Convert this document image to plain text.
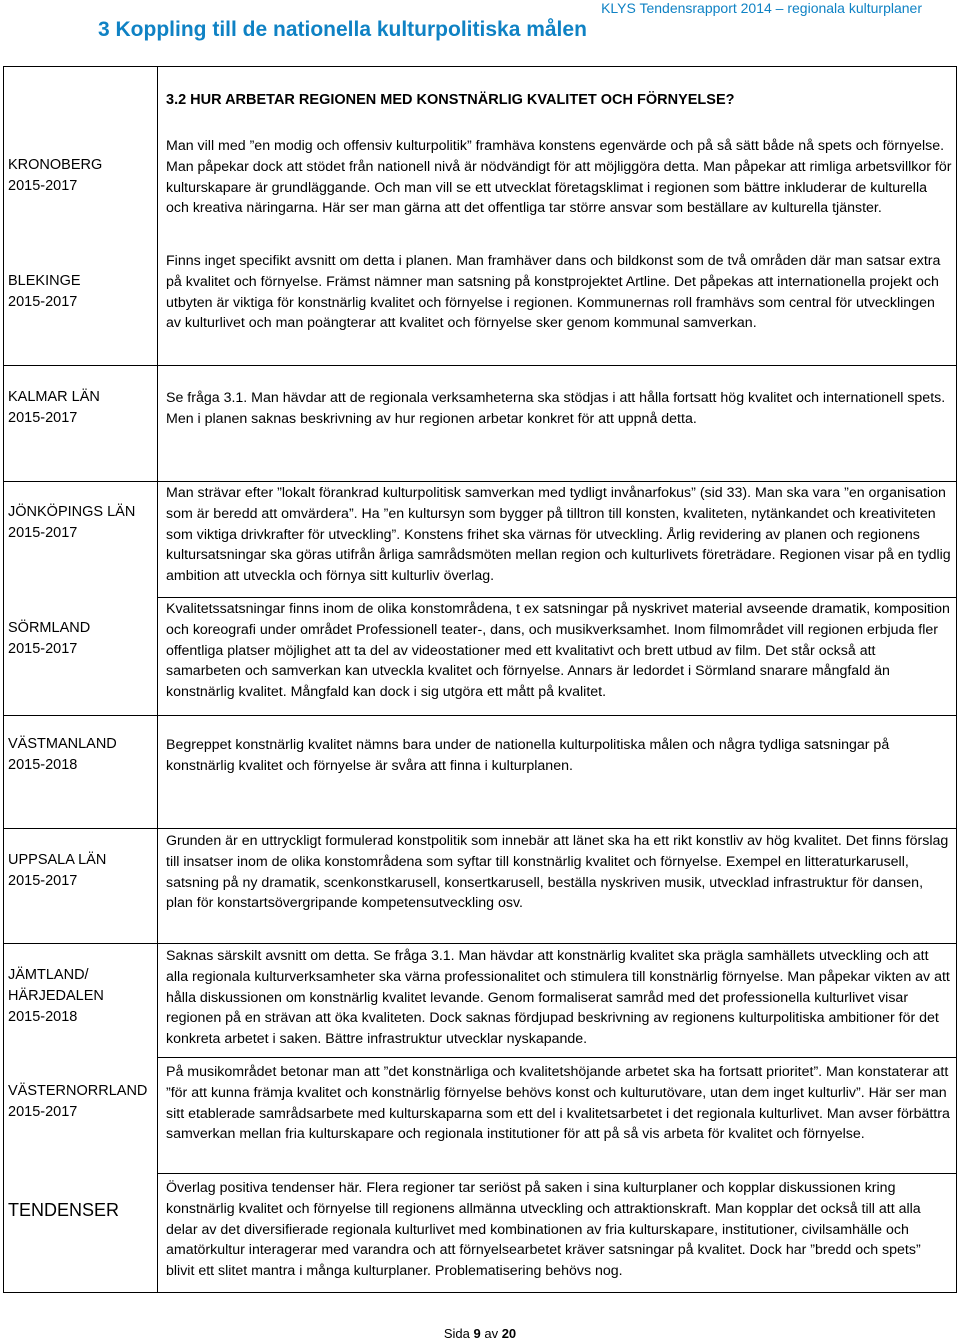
3 Koppling till de nationella kulturpolitiska målen
KLYS Tendensrapport 2014 – regionala kulturplaner
3.2 HUR ARBETAR REGIONEN MED KONSTNÄRLIG KVALITET OCH FÖRNYELSE?
KRONOBERG
2015-2017
BLEKINGE
2015-2017
KALMAR LÄN
2015-2017
JÖNKÖPINGS LÄN
2015-2017
SÖRMLAND
2015-2017
VÄSTMANLAND
2015-2018
UPPSALA LÄN
2015-2017
JÄMTLAND/ HÄRJEDALEN
2015-2018
VÄSTERNORRLAND
2015-2017
TENDENSER

Man vill med ”en modig och offensiv kulturpolitik” framhäva konstens egenvärde och på så sätt både nå spets och förnyelse. Man påpekar dock att stödet från nationell nivå är nödvändigt för att möjliggöra detta. Man påpekar att rimliga arbetsvillkor för kulturskapare är grundläggande. Och man vill se ett utvecklat företagsklimat i regionen som bättre inkluderar de kulturella och kreativa näringarna. Här ser man gärna att det offentliga tar större ansvar som beställare av kulturella tjänster.

Finns inget specifikt avsnitt om detta i planen. Man framhäver dans och bildkonst som de två områden där man satsar extra på kvalitet och förnyelse. Främst nämner man satsning på konstprojektet Artline. Det påpekas att internationella projekt och utbyten är viktiga för konstnärlig kvalitet och förnyelse i regionen. Kommunernas roll framhävs som central för utvecklingen av kulturlivet och man poängterar att kvalitet och förnyelse sker genom kommunal samverkan.

Se fråga 3.1. Man hävdar att de regionala verksamheterna ska stödjas i att hålla fortsatt hög kvalitet och internationell spets. Men i planen saknas beskrivning av hur regionen arbetar konkret för att uppnå detta.

Man strävar efter ”lokalt förankrad kulturpolitisk samverkan med tydligt invånarfokus” (sid 33). Man ska vara ”en organisation som är beredd att omvärdera”. Ha ”en kultursyn som bygger på tilltron till konsten, kvaliteten, nytänkandet och kreativiteten som viktiga drivkrafter för utveckling”. Konstens frihet ska värnas för utveckling. Årlig revidering av planen och regionens kultursatsningar ska göras utifrån årliga samrådsmöten mellan region och kulturlivets företrädare. Regionen visar på en tydlig ambition att utveckla och förnya sitt kulturliv överlag.

Kvalitetssatsningar finns inom de olika konstområdena, t ex satsningar på nyskrivet material avseende dramatik, komposition och koreografi under området Professionell teater-, dans, och musikverksamhet. Inom filmområdet vill regionen erbjuda fler offentliga platser möjlighet att ta del av videostationer med ett kvalitativt och brett utbud av film. Det står också att samarbeten och samverkan kan utveckla kvalitet och förnyelse. Annars är ledordet i Sörmland snarare mångfald än konstnärlig kvalitet. Mångfald kan dock i sig utgöra ett mått på kvalitet.

Begreppet konstnärlig kvalitet nämns bara under de nationella kulturpolitiska målen och några tydliga satsningar på konstnärlig kvalitet och förnyelse är svåra att finna i kulturplanen.

Grunden är en uttryckligt formulerad konstpolitik som innebär att länet ska ha ett rikt konstliv av hög kvalitet. Det finns förslag till insatser inom de olika konstområdena som syftar till konstnärlig kvalitet och förnyelse. Exempel en litteraturkarusell, satsning på ny dramatik, scenkonstkarusell, konsertkarusell, beställa nyskriven musik, utvecklad infrastruktur för dansen, plan för konstartsövergripande kompetensutveckling osv.

Saknas särskilt avsnitt om detta. Se fråga 3.1. Man hävdar att konstnärlig kvalitet ska prägla samhällets utveckling och att alla regionala kulturverksamheter ska värna professionalitet och stimulera till konstnärlig förnyelse. Man påpekar vikten av att hålla diskussionen om konstnärlig kvalitet levande. Genom formaliserat samråd med det professionella kulturlivet visar regionen på en strävan att öka kvaliteten. Dock saknas fördjupad beskrivning av regionens kulturpolitiska ambitioner för det konkreta arbetet i saken. Bättre infrastruktur utvecklar nyskapande.

På musikområdet betonar man att ”det konstnärliga och kvalitetshöjande arbetet ska ha fortsatt prioritet”. Man konstaterar att ”för att kunna främja kvalitet och konstnärlig förnyelse behövs konst och kulturutövare, utan dem inget kulturliv”. Här ser man sitt etablerade samrådsarbete med kulturskaparna som ett del i kvalitetsarbetet i det regionala kulturlivet. Man avser förbättra samverkan mellan fria kulturskapare och regionala institutioner för att på så vis arbeta för kvalitet och förnyelse.

Överlag positiva tendenser här. Flera regioner tar seriöst på saken i sina kulturplaner och kopplar diskussionen kring konstnärlig kvalitet och förnyelse till regionens allmänna utveckling och attraktionskraft. Man kopplar det också till att alla delar av det diversifierade regionala kulturlivet med kombinationen av fria kulturskapare, institutioner, civilsamhälle och amatörkultur interagerar med varandra och att förnyelsearbetet kräver satsningar på kvalitet. Dock har ”bredd och spets” blivit ett slitet mantra i många kulturplaner. Problematisering behövs nog.

Sida 9 av 20
